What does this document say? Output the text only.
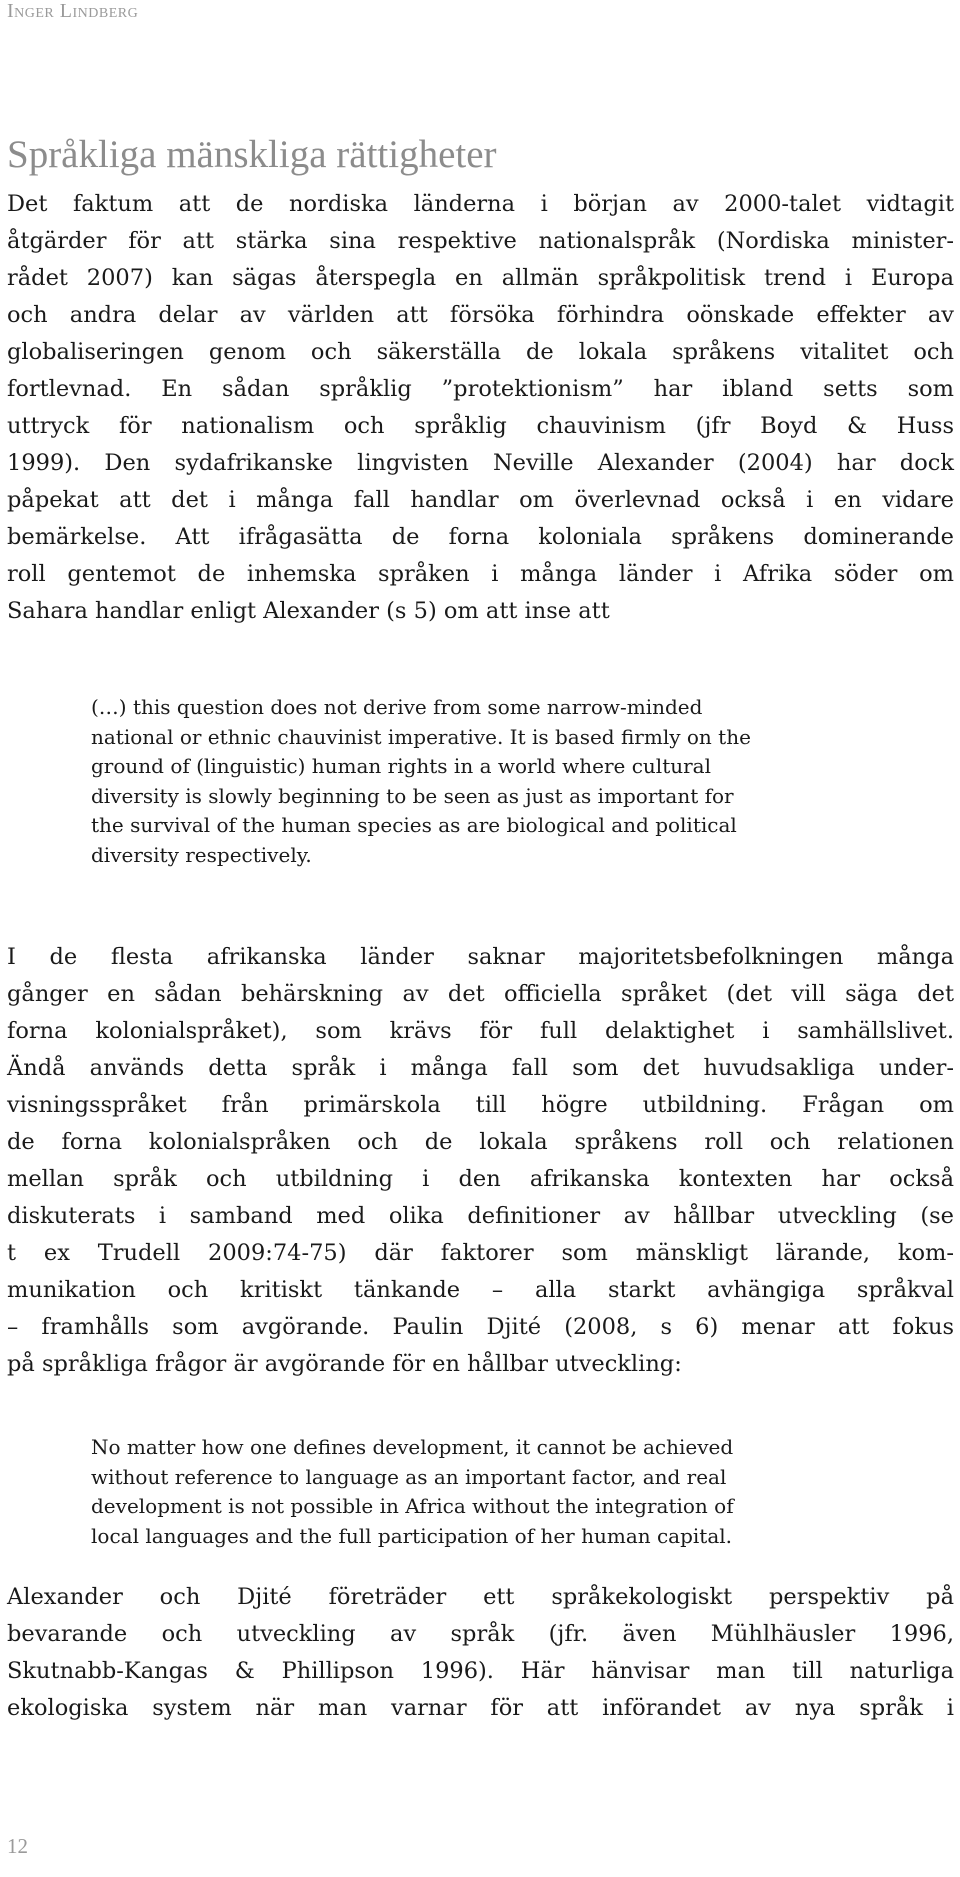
Inger Lindberg
Språkliga mänskliga rättigheter

Det faktum att de nordiska länderna i början av 2000-talet vidtagit
åtgärder för att stärka sina respektive nationalspråk (Nordiska minister-
rådet 2007) kan sägas återspegla en allmän språkpolitisk trend i Europa
och andra delar av världen att försöka förhindra oönskade effekter av
globaliseringen genom och säkerställa de lokala språkens vitalitet och
fortlevnad. En sådan språklig ”protektionism” har ibland setts som
uttryck för nationalism och språklig chauvinism (jfr Boyd & Huss
1999). Den sydafrikanske lingvisten Neville Alexander (2004) har dock
påpekat att det i många fall handlar om överlevnad också i en vidare
bemärkelse. Att ifrågasätta de forna koloniala språkens dominerande
roll gentemot de inhemska språken i många länder i Afrika söder om
Sahara handlar enligt Alexander (s 5) om att inse att

(…) this question does not derive from some narrow-minded
national or ethnic chauvinist imperative. It is based firmly on the
ground of (linguistic) human rights in a world where cultural
diversity is slowly beginning to be seen as just as important for
the survival of the human species as are biological and political
diversity respectively.

I de flesta afrikanska länder saknar majoritetsbefolkningen många
gånger en sådan behärskning av det officiella språket (det vill säga det
forna kolonialspråket), som krävs för full delaktighet i samhällslivet.
Ändå används detta språk i många fall som det huvudsakliga under-
visningsspråket från primärskola till högre utbildning. Frågan om
de forna kolonialspråken och de lokala språkens roll och relationen
mellan språk och utbildning i den afrikanska kontexten har också
diskuterats i samband med olika definitioner av hållbar utveckling (se
t ex Trudell 2009:74-75) där faktorer som mänskligt lärande, kom-
munikation och kritiskt tänkande – alla starkt avhängiga språkval
– framhålls som avgörande. Paulin Djité (2008, s 6) menar att fokus
på språkliga frågor är avgörande för en hållbar utveckling:

No matter how one defines development, it cannot be achieved
without reference to language as an important factor, and real
development is not possible in Africa without the integration of
local languages and the full participation of her human capital.

Alexander och Djité företräder ett språkekologiskt perspektiv på
bevarande och utveckling av språk (jfr. även Mühlhäusler 1996,
Skutnabb-Kangas & Phillipson 1996). Här hänvisar man till naturliga
ekologiska system när man varnar för att införandet av nya språk i

12
